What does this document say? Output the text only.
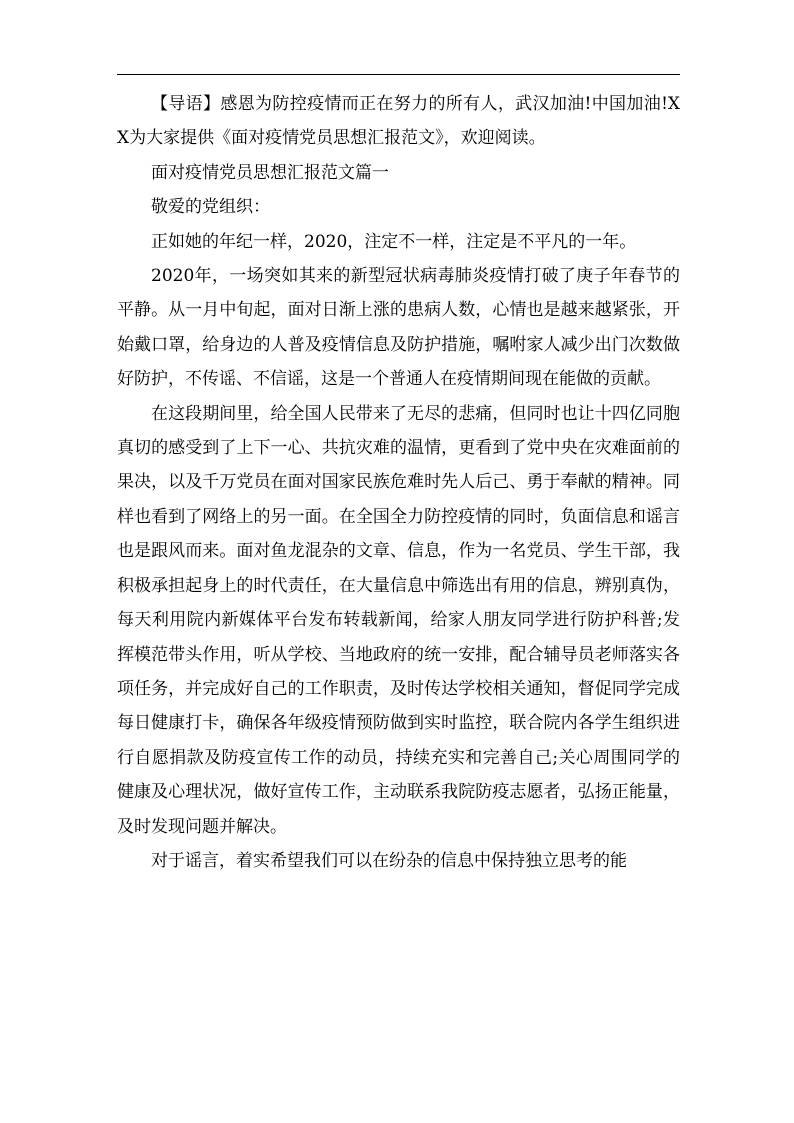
【导语】感恩为防控疫情而正在努力的所有人，武汉加油!中国加油!XX为大家提供《面对疫情党员思想汇报范文》，欢迎阅读。

面对疫情党员思想汇报范文篇一

敬爱的党组织：

正如她的年纪一样，2020，注定不一样，注定是不平凡的一年。

2020年，一场突如其来的新型冠状病毒肺炎疫情打破了庚子年春节的平静。从一月中旬起，面对日渐上涨的患病人数，心情也是越来越紧张，开始戴口罩，给身边的人普及疫情信息及防护措施，嘱咐家人减少出门次数做好防护，不传谣、不信谣，这是一个普通人在疫情期间现在能做的贡献。

在这段期间里，给全国人民带来了无尽的悲痛，但同时也让十四亿同胞真切的感受到了上下一心、共抗灾难的温情，更看到了党中央在灾难面前的果决，以及千万党员在面对国家民族危难时先人后己、勇于奉献的精神。同样也看到了网络上的另一面。在全国全力防控疫情的同时，负面信息和谣言也是跟风而来。面对鱼龙混杂的文章、信息，作为一名党员、学生干部，我积极承担起身上的时代责任，在大量信息中筛选出有用的信息，辨别真伪，每天利用院内新媒体平台发布转载新闻，给家人朋友同学进行防护科普;发挥模范带头作用，听从学校、当地政府的统一安排，配合辅导员老师落实各项任务，并完成好自己的工作职责，及时传达学校相关通知，督促同学完成每日健康打卡，确保各年级疫情预防做到实时监控，联合院内各学生组织进行自愿捐款及防疫宣传工作的动员，持续充实和完善自己;关心周围同学的健康及心理状况，做好宣传工作，主动联系我院防疫志愿者，弘扬正能量，及时发现问题并解决。

对于谣言，着实希望我们可以在纷杂的信息中保持独立思考的能
